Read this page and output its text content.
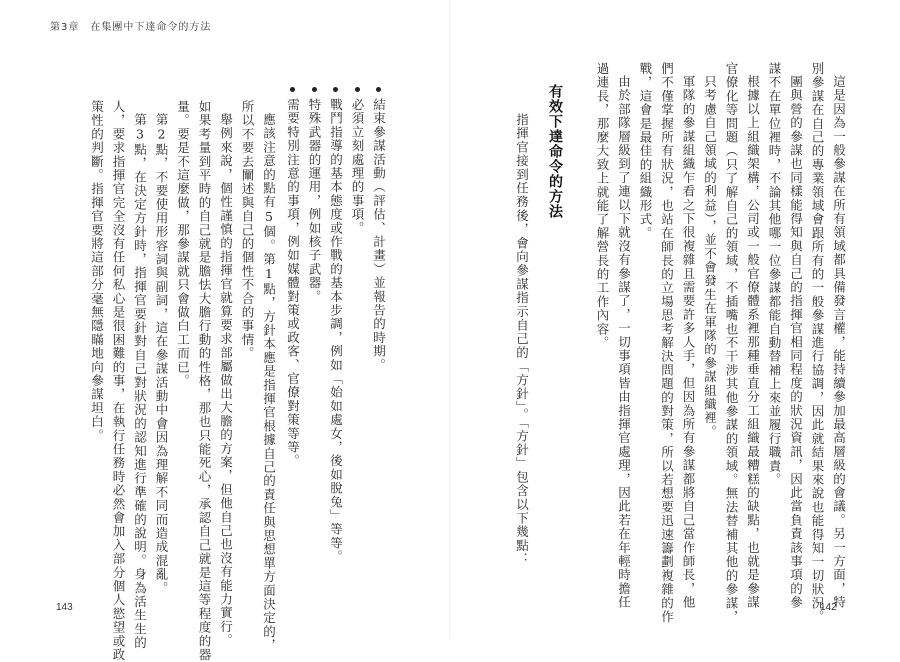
第3章　在集團中下達命令的方法
這是因為一般參謀在所有領域都具備發言權，能持續參加最高層級的會議。另一方面，特
別參謀在自己的專業領域會跟所有的一般參謀進行協調，因此就結果來說也能得知一切狀況。
團與營的參謀也同樣能得知與自己的指揮官相同程度的狀況資訊，因此當負責該事項的參
謀不在單位裡時，不論其他哪一位參謀都能自動替補上來並履行職責。
根據以上組織架構，公司或一般官僚體系裡那種垂直分工組織最糟糕的缺點，也就是參謀
官僚化等問題（只了解自己的領域，不插嘴也不干涉其他參謀的領域。無法替補其他的參謀，
只考慮自己領域的利益），並不會發生在軍隊的參謀組織裡。
軍隊的參謀組織乍看之下很複雜且需要許多人手，但因為所有參謀都將自己當作師長，他
們不僅掌握所有狀況，也站在師長的立場思考解決問題的對策，所以若想要迅速籌劃複雜的作
戰，這會是最佳的組織形式。
由於部隊層級到了連以下就沒有參謀了，一切事項皆由指揮官處理，因此若在年輕時擔任
過連長，那麼大致上就能了解營長的工作內容。
有效下達命令的方法
指揮官接到任務後，會向參謀指示自己的「方針」。「方針」包含以下幾點：
結束參謀活動（評估、計畫）並報告的時期。
必須立刻處理的事項。
戰鬥指導的基本態度或作戰的基本步調，例如「始如處女，後如脫兔」等等。
特殊武器的運用，例如核子武器。
需要特別注意的事項，例如媒體對策或政客、官僚對策等等。
應該注意的點有5個。第1點，方針本應是指揮官根據自己的責任與思想單方面決定的，
所以不要去闡述與自己的個性不合的事情。
舉例來說，個性謹慎的指揮官就算要求部屬做出大膽的方案，但他自己也沒有能力實行。
如果考量到平時的自己就是膽怯大膽行動的性格，那也只能死心，承認自己就是這等程度的器
量。要是不這麼做，那參謀就只會做白工而已。
第2點，不要使用形容詞與副詞，這在參謀活動中會因為理解不同而造成混亂。
第3點，在決定方針時，指揮官要針對自己對狀況的認知進行準確的說明。身為活生生的
人，要求指揮官完全沒有任何私心是很困難的事，在執行任務時必然會加入部分個人慾望或政
策性的判斷。指揮官要將這部分毫無隱瞞地向參謀坦白。
143	142
